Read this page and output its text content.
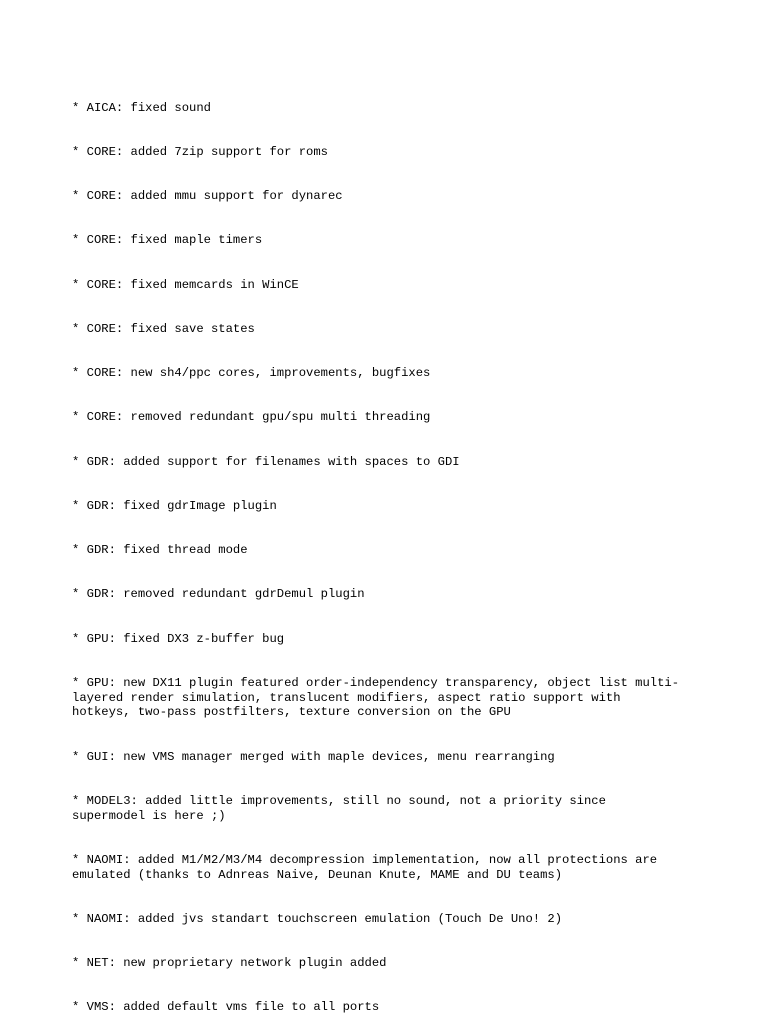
* AICA: fixed sound

* CORE: added 7zip support for roms

* CORE: added mmu support for dynarec

* CORE: fixed maple timers

* CORE: fixed memcards in WinCE

* CORE: fixed save states

* CORE: new sh4/ppc cores, improvements, bugfixes

* CORE: removed redundant gpu/spu multi threading

* GDR: added support for filenames with spaces to GDI

* GDR: fixed gdrImage plugin

* GDR: fixed thread mode

* GDR: removed redundant gdrDemul plugin

* GPU: fixed DX3 z-buffer bug

* GPU: new DX11 plugin featured order-independency transparency, object list multi-
layered render simulation, translucent modifiers, aspect ratio support with
hotkeys, two-pass postfilters, texture conversion on the GPU

* GUI: new VMS manager merged with maple devices, menu rearranging

* MODEL3: added little improvements, still no sound, not a priority since
supermodel is here ;)

* NAOMI: added M1/M2/M3/M4 decompression implementation, now all protections are
emulated (thanks to Adnreas Naive, Deunan Knute, MAME and DU teams)

* NAOMI: added jvs standart touchscreen emulation (Touch De Uno! 2)

* NET: new proprietary network plugin added

* VMS: added default vms file to all ports
